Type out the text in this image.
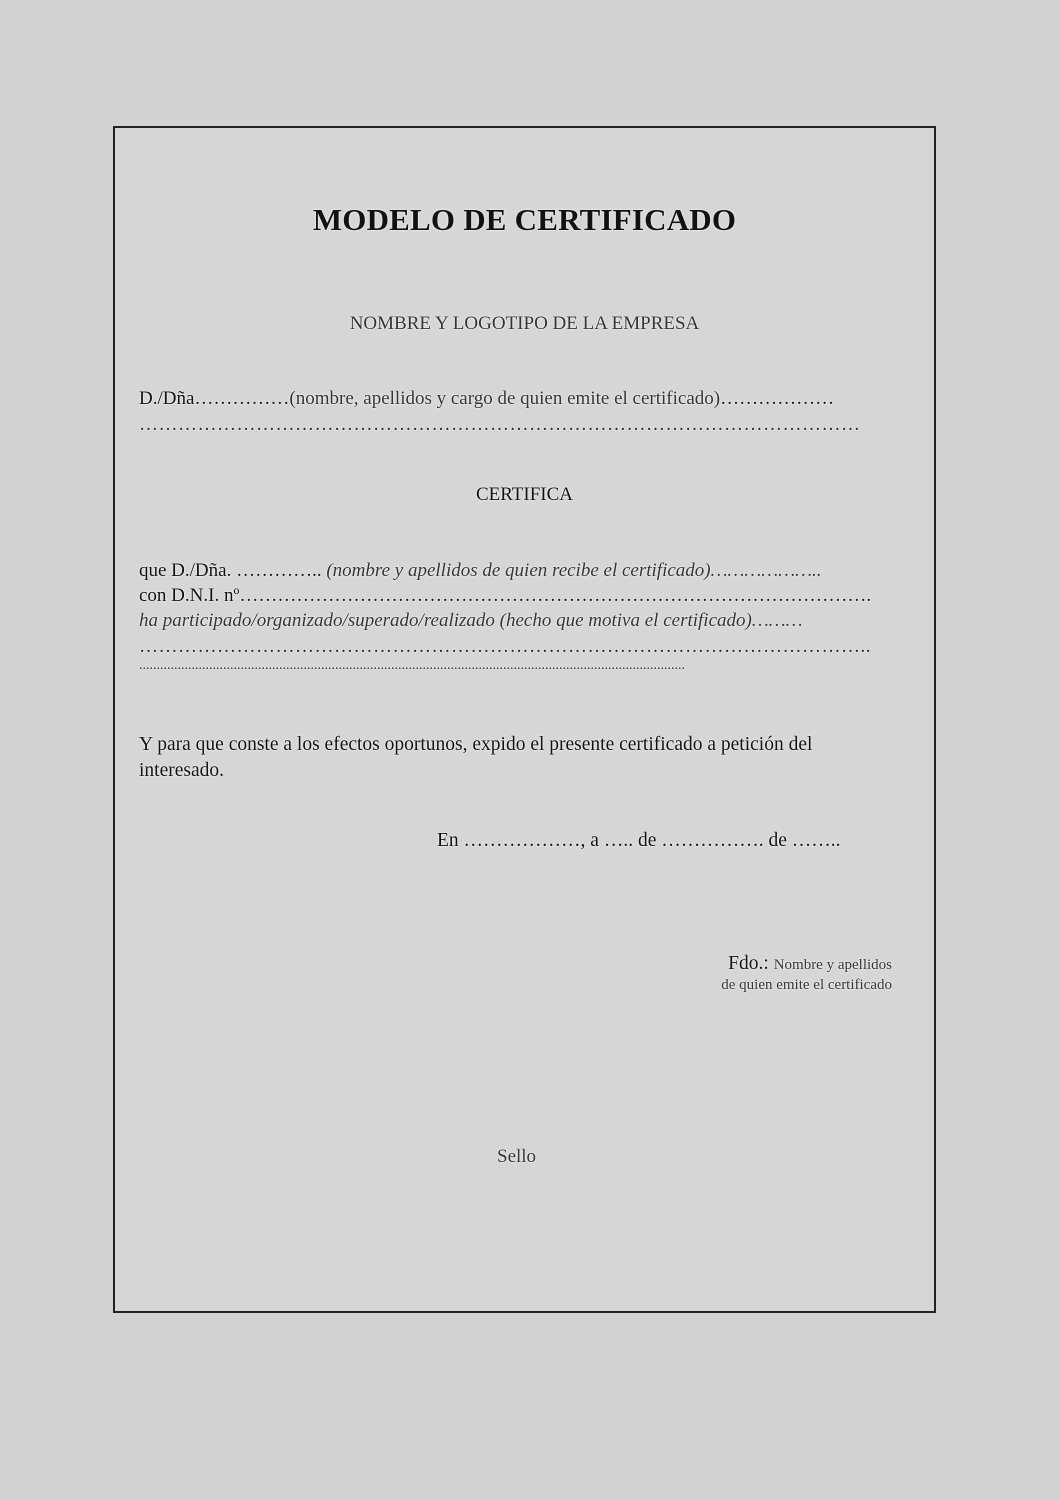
MODELO DE CERTIFICADO
NOMBRE Y LOGOTIPO DE LA EMPRESA
D./Dña……………(nombre, apellidos y cargo de quien emite el certificado)………………
…………………………………………………………………………………………………
CERTIFICA
que D./Dña. ………….. (nombre y apellidos de quien recibe el certificado)………………..
con D.N.I. nº……………………………………………………………………………………….
ha participado/organizado/superado/realizado (hecho que motiva el certificado)………
…………………………………………………………………………………………………..
............................................................................................................................................................
Y para que conste a los efectos oportunos, expido el presente certificado a petición del interesado.
En ………………, a ….. de ……………. de ……..
Fdo.: Nombre y apellidos
de quien emite el certificado
Sello
